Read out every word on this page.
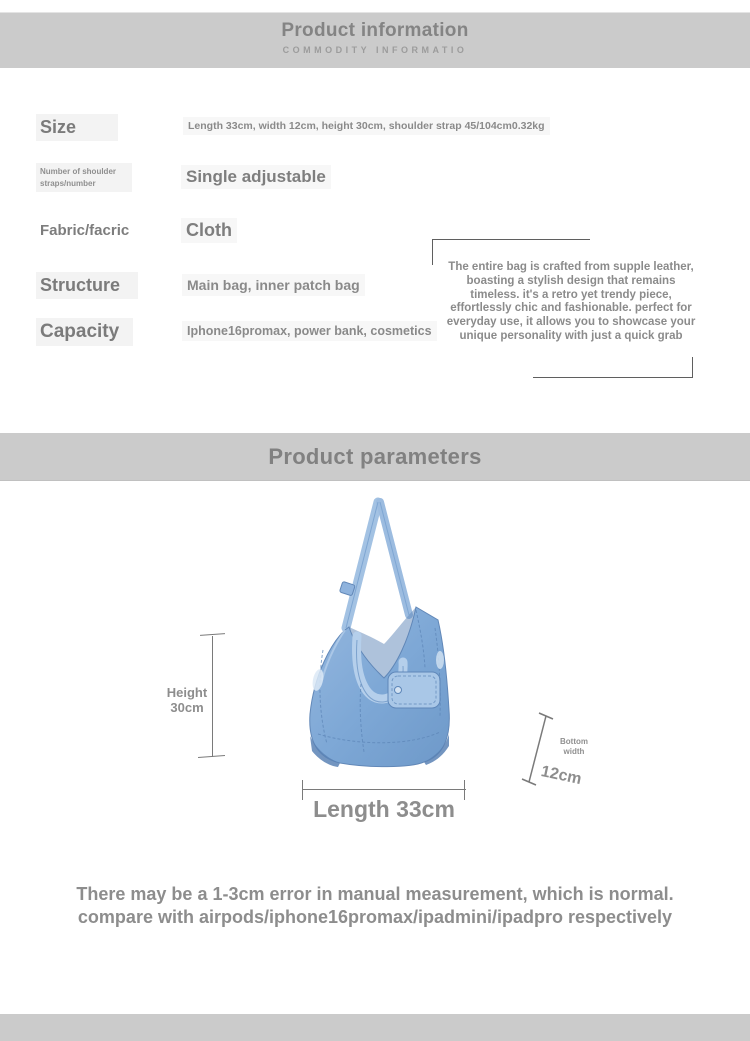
Product information
COMMODITY INFORMATIO
Size	Length 33cm, width 12cm, height 30cm, shoulder strap 45/104cm0.32kg
Number of shoulder straps/number	Single adjustable
Fabric/facric	Cloth
Structure	Main bag, inner patch bag
Capacity	Iphone16promax, power bank, cosmetics
The entire bag is crafted from supple leather, boasting a stylish design that remains timeless. it's a retro yet trendy piece, effortlessly chic and fashionable. perfect for everyday use, it allows you to showcase your unique personality with just a quick grab
Product parameters
Height 30cm
Length 33cm
Bottom width
12cm
There may be a 1-3cm error in manual measurement, which is normal.
compare with airpods/iphone16promax/ipadmini/ipadpro respectively
